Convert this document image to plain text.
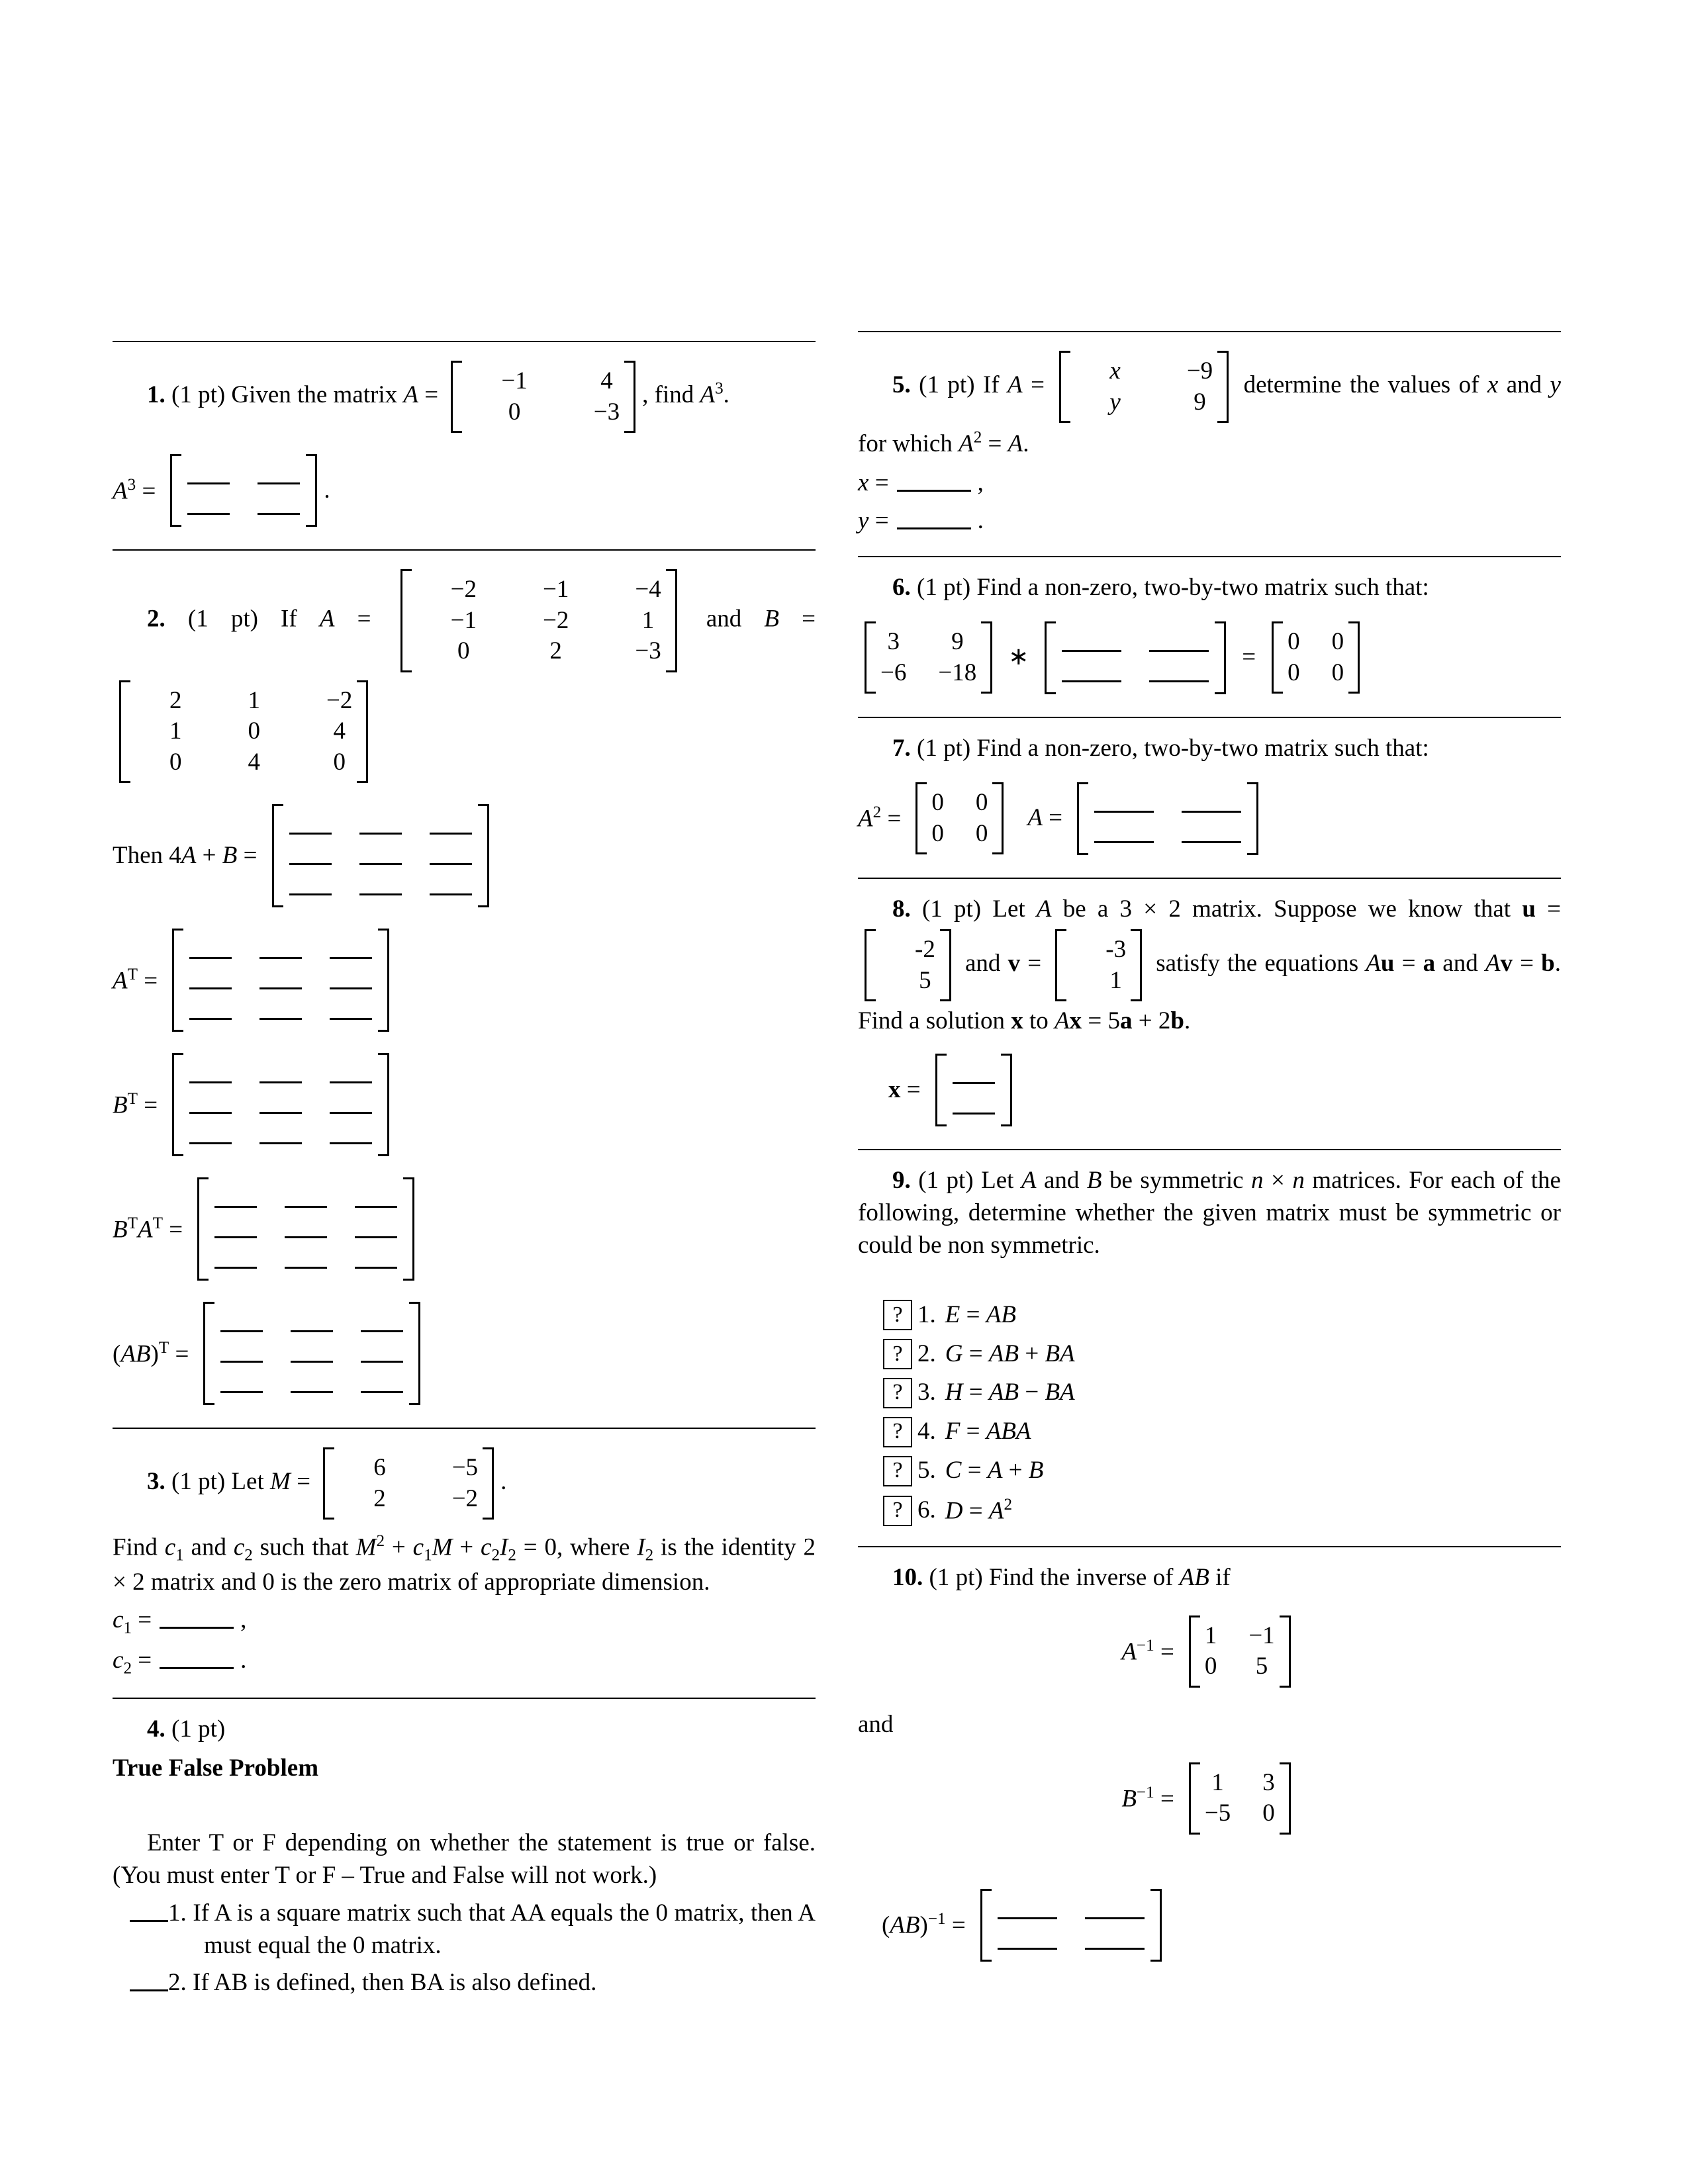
1. (1 pt) Given the matrix A =
−1	4
0	−3
, find $A^3$.

$A^3$ =	.

2. (1 pt) If A =
−2	−1	−4
−1	−2	1
0	2	−3
and B =
2	1	−2
1	0	4
0	4	0

Then 4A + B =
$A^T$ =
$B^T$ =
$B^TA^T$ =
(AB)$^T$ =

3. (1 pt) Let M =
6	−5
2	−2
.

Find $c_1$ and $c_2$ such that $M^2 + c_1M + c_2I_2 = 0$, where $I_2$ is the identity 2 × 2 matrix and 0 is the zero matrix of appropriate dimension.

$c_1$ =	,

$c_2$ =	.

4. (1 pt)

True False Problem

Enter T or F depending on whether the statement is true or false. (You must enter T or F – True and False will not work.)

1. If A is a square matrix such that AA equals the 0 matrix, then A must equal the 0 matrix.

2. If AB is defined, then BA is also defined.

5. (1 pt) If A =
x	−9
y	9
determine the values of x and y for which $A^2 = A$.

x =	,

y =	.

6. (1 pt) Find a non-zero, two-by-two matrix such that:

3	9
−6 −18
∗	=
0 0
0 0

7. (1 pt) Find a non-zero, two-by-two matrix such that:

$A^2$ =
0 0
0 0
A =

8. (1 pt) Let A be a 3 × 2 matrix. Suppose we know that u =
-2
5
and v =
-3
1
satisfy the equations Au = a and Av = b. Find a solution x to Ax = 5a + 2b.

x =

9. (1 pt) Let A and B be symmetric n × n matrices. For each of the following, determine whether the given matrix must be symmetric or could be non symmetric.

? 1. E = AB
? 2. G = AB + BA
? 3. H = AB − BA
? 4. F = ABA
? 5. C = A + B
? 6. $D = A^2$

10. (1 pt) Find the inverse of AB if

$A^{-1}$ =
1 −1
0 5

and

$B^{-1}$ =
1 3
−5 0
(AB)$^{-1}$ =
